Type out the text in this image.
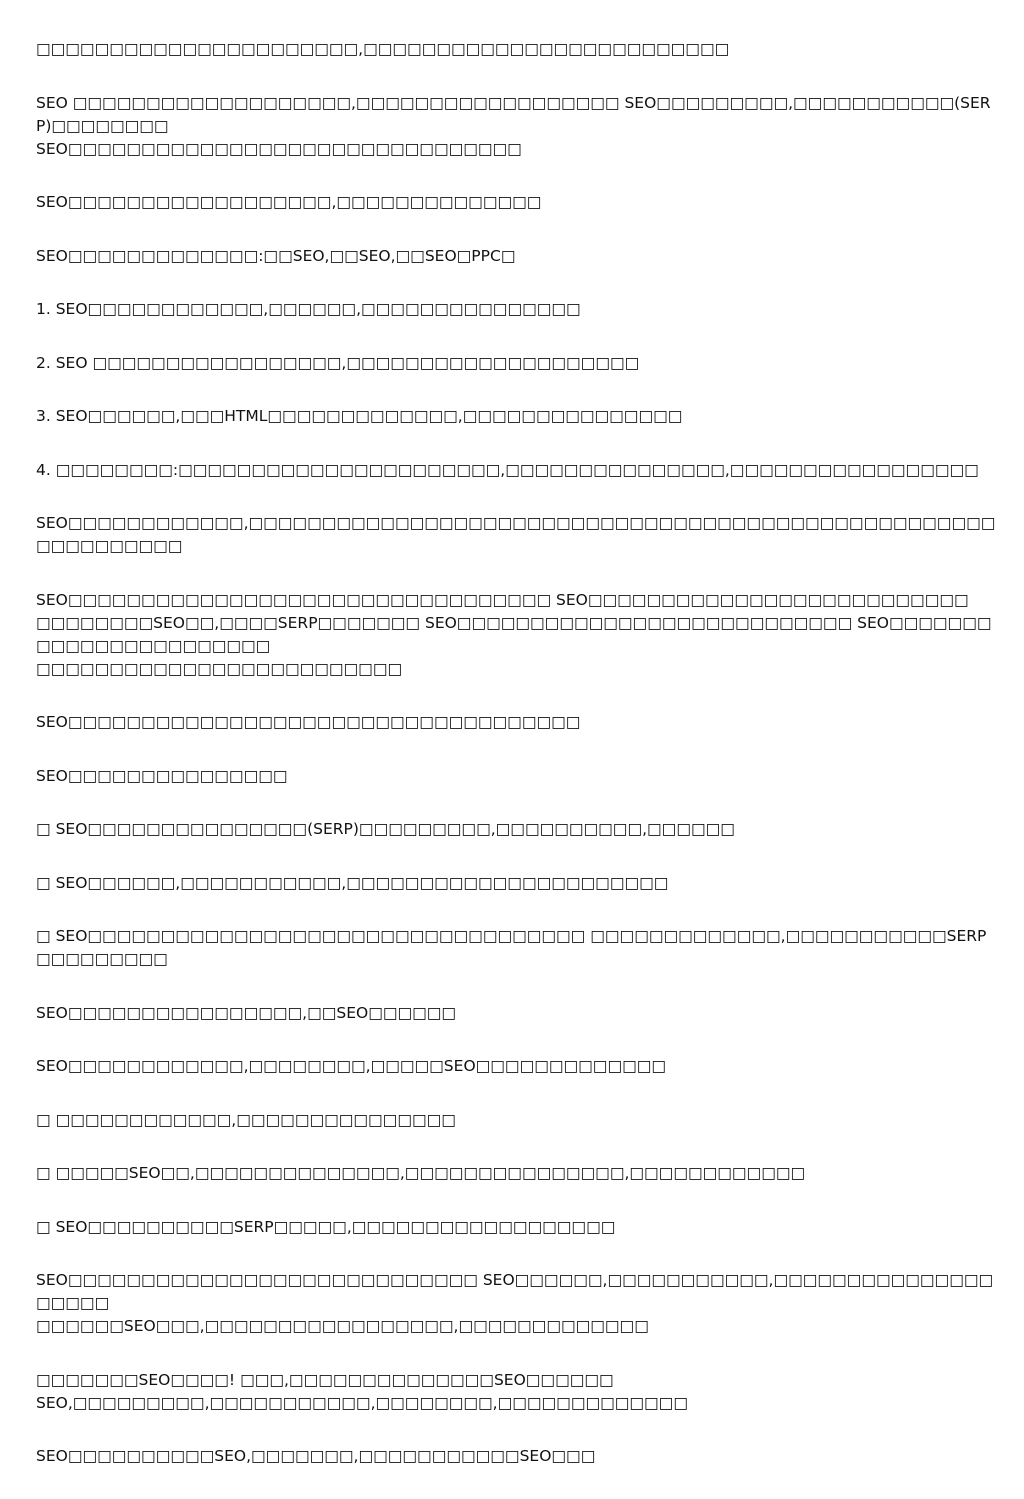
□□□□□□□□□□□□□□□□□□□□□□,□□□□□□□□□□□□□□□□□□□□□□□□□

SEO □□□□□□□□□□□□□□□□□□□,□□□□□□□□□□□□□□□□□□ SEO□□□□□□□□□,□□□□□□□□□□□(SERP)□□□□□□□□
SEO□□□□□□□□□□□□□□□□□□□□□□□□□□□□□□□

SEO□□□□□□□□□□□□□□□□□□,□□□□□□□□□□□□□□

SEO□□□□□□□□□□□□□:□□SEO,□□SEO,□□SEO□PPC□

1. SEO□□□□□□□□□□□□,□□□□□□,□□□□□□□□□□□□□□□

2. SEO □□□□□□□□□□□□□□□□□,□□□□□□□□□□□□□□□□□□□□

3. SEO□□□□□□,□□□HTML□□□□□□□□□□□□□,□□□□□□□□□□□□□□□

4. □□□□□□□□:□□□□□□□□□□□□□□□□□□□□□□,□□□□□□□□□□□□□□□,□□□□□□□□□□□□□□□□□

SEO□□□□□□□□□□□□,□□□□□□□□□□□□□□□□□□□□□□□□□□□□□□□□□□□□□□□□□□□□□□□□□□□□□□□□□□□□□

SEO□□□□□□□□□□□□□□□□□□□□□□□□□□□□□□□□□ SEO□□□□□□□□□□□□□□□□□□□□□□□□□□
□□□□□□□□SEO□□,□□□□SERP□□□□□□□ SEO□□□□□□□□□□□□□□□□□□□□□□□□□□□ SEO□□□□□□□□□□□□□□□□□□□□□□□
□□□□□□□□□□□□□□□□□□□□□□□□□

SEO□□□□□□□□□□□□□□□□□□□□□□□□□□□□□□□□□□□

SEO□□□□□□□□□□□□□□□

□ SEO□□□□□□□□□□□□□□□(SERP)□□□□□□□□□,□□□□□□□□□□,□□□□□□

□ SEO□□□□□□,□□□□□□□□□□□,□□□□□□□□□□□□□□□□□□□□□□

□ SEO□□□□□□□□□□□□□□□□□□□□□□□□□□□□□□□□□□ □□□□□□□□□□□□□,□□□□□□□□□□□SERP□□□□□□□□□

SEO□□□□□□□□□□□□□□□□,□□SEO□□□□□□

SEO□□□□□□□□□□□□,□□□□□□□□,□□□□□SEO□□□□□□□□□□□□□

□ □□□□□□□□□□□□,□□□□□□□□□□□□□□□

□ □□□□□SEO□□,□□□□□□□□□□□□□□,□□□□□□□□□□□□□□□,□□□□□□□□□□□□

□ SEO□□□□□□□□□□SERP□□□□□,□□□□□□□□□□□□□□□□□□

SEO□□□□□□□□□□□□□□□□□□□□□□□□□□□□ SEO□□□□□□,□□□□□□□□□□□,□□□□□□□□□□□□□□□□□□□□
□□□□□□SEO□□□,□□□□□□□□□□□□□□□□□,□□□□□□□□□□□□□

□□□□□□□SEO□□□□! □□□,□□□□□□□□□□□□□□SEO□□□□□□
SEO,□□□□□□□□□,□□□□□□□□□□□,□□□□□□□□,□□□□□□□□□□□□□

SEO□□□□□□□□□□SEO,□□□□□□□,□□□□□□□□□□□SEO□□□
